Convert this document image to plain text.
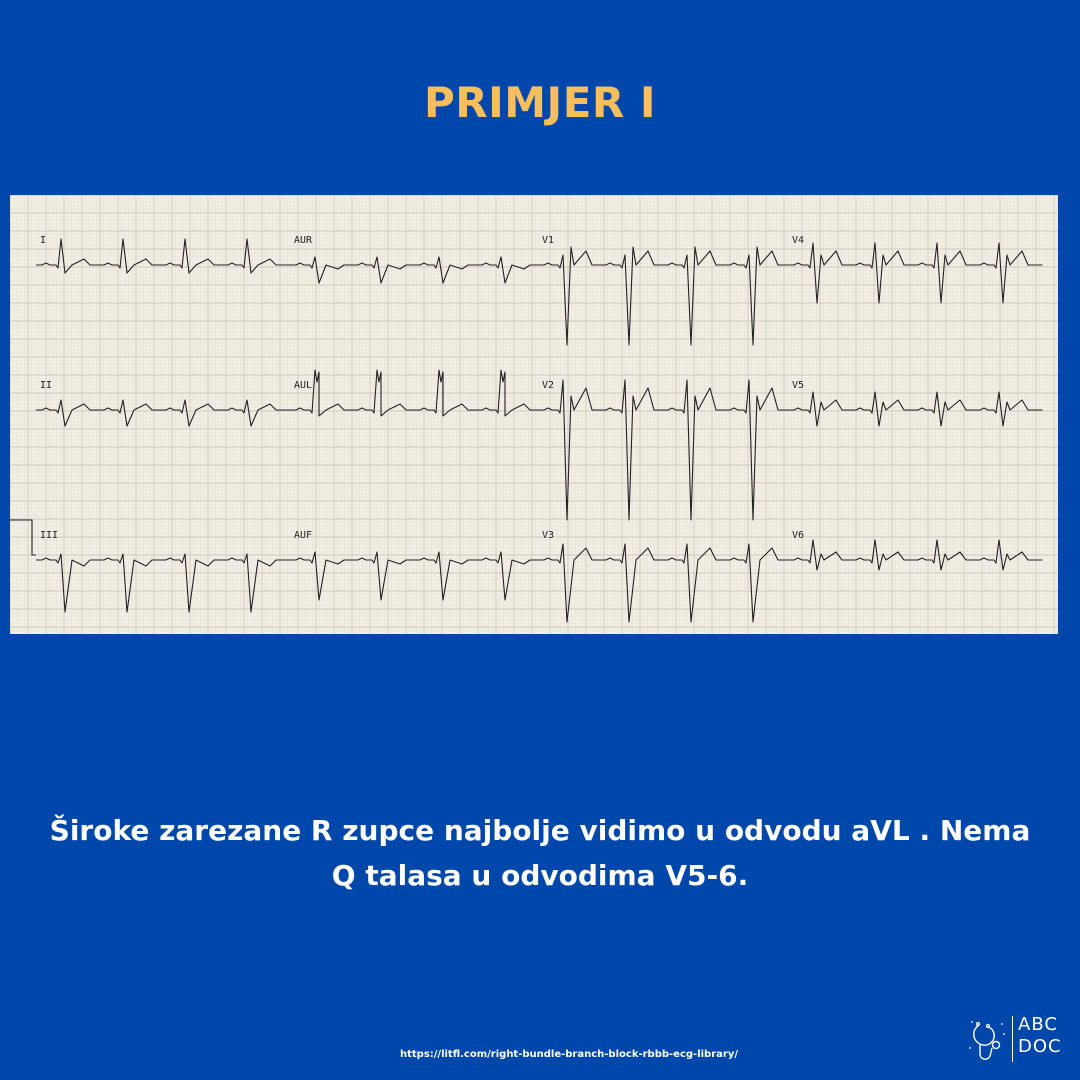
PRIMJER I
I	AUR	V1	V4
II	AUL	V2	V5
III	AUF	V3	V6
Široke zarezane R zupce najbolje vidimo u odvodu aVL . Nema
Q talasa u odvodima V5-6.
https://litfl.com/right-bundle-branch-block-rbbb-ecg-library/
ABC
DOC
